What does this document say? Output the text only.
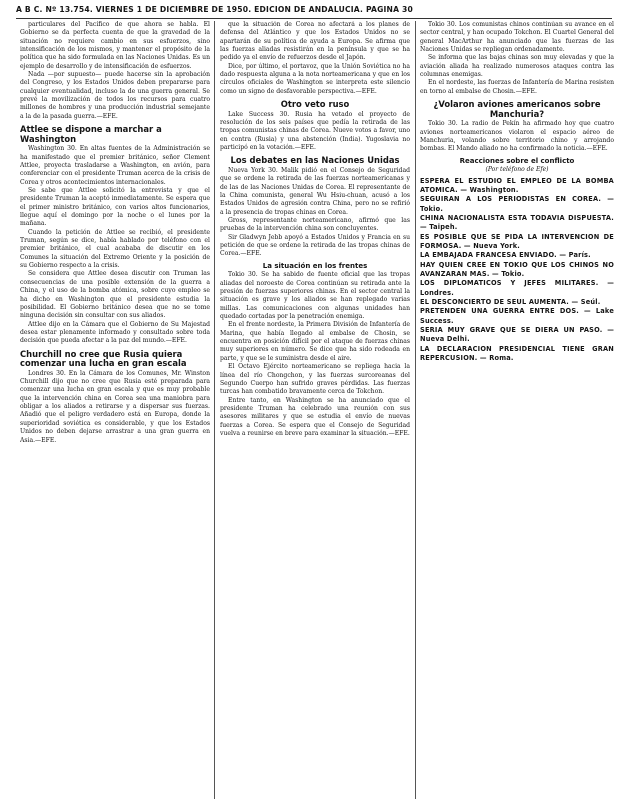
A B C. Nº 13.754. VIERNES 1 DE DICIEMBRE DE 1950. EDICION DE ANDALUCIA. PAGINA 30

particulares del Pacífico de que ahora se habla. El Gobierno se da perfecta cuenta de que la gravedad de la situación no requiere cambio en sus esfuerzos, sino intensificación de los mismos, y mantener el propósito de la política que ha sido formulada en las Naciones Unidas. Es un ejemplo de desarrollo y de intensificación de esfuerzos.

Nada —por supuesto— puede hacerse sin la aprobación del Congreso, y los Estados Unidos deben prepararse para cualquier eventualidad, incluso la de una guerra general. Se prevé la movilización de todos los recursos para cuatro millones de hombres y una producción industrial semejante a la de la pasada guerra.—EFE.

Attlee se dispone a marchar a Washington

Washington 30. En altas fuentes de la Administración se ha manifestado que el premier británico, señor Clement Attlee, proyecta trasladarse a Washington, en avión, para conferenciar con el presidente Truman acerca de la crisis de Corea y otros acontecimientos internacionales.

Se sabe que Attlee solicitó la entrevista y que el presidente Truman la aceptó inmediatamente. Se espera que el primer ministro británico, con varios altos funcionarios, llegue aquí el domingo por la noche o el lunes por la mañana.

Cuando la petición de Attlee se recibió, el presidente Truman, según se dice, había hablado por teléfono con el premier británico, el cual acababa de discutir en los Comunes la situación del Extremo Oriente y la posición de su Gobierno respecto a la crisis.

Se considera que Attlee desea discutir con Truman las consecuencias de una posible extensión de la guerra a China, y el uso de la bomba atómica, sobre cuyo empleo se ha dicho en Washington que el presidente estudia la posibilidad. El Gobierno británico desea que no se tome ninguna decisión sin consultar con sus aliados.

Attlee dijo en la Cámara que el Gobierno de Su Majestad desea estar plenamente informado y consultado sobre toda decisión que pueda afectar a la paz del mundo.—EFE.

Churchill no cree que Rusia quiera comenzar una lucha en gran escala

Londres 30. En la Cámara de los Comunes, Mr. Winston Churchill dijo que no cree que Rusia esté preparada para comenzar una lucha en gran escala y que es muy probable que la intervención china en Corea sea una maniobra para obligar a los aliados a retirarse y a dispersar sus fuerzas. Añadió que el peligro verdadero está en Europa, donde la superioridad soviética es considerable, y que los Estados Unidos no deben dejarse arrastrar a una gran guerra en Asia.—EFE.

que la situación de Corea no afectará a los planes de defensa del Atlántico y que los Estados Unidos no se apartarán de su política de ayuda a Europa. Se afirma que las fuerzas aliadas resistirán en la península y que se ha pedido ya el envío de refuerzos desde el Japón.

Dice, por último, el portavoz, que la Unión Soviética no ha dado respuesta alguna a la nota norteamericana y que en los círculos oficiales de Washington se interpreta este silencio como un signo de desfavorable perspectiva.—EFE.

Otro veto ruso

Lake Success 30. Rusia ha vetado el proyecto de resolución de los seis países que pedía la retirada de las tropas comunistas chinas de Corea. Nueve votos a favor, uno en contra (Rusia) y una abstención (India). Yugoslavia no participó en la votación.—EFE.

Los debates en las Naciones Unidas

Nueva York 30. Malik pidió en el Consejo de Seguridad que se ordene la retirada de las fuerzas norteamericanas y de las de las Naciones Unidas de Corea. El representante de la China comunista, general Wu Hsiu-chuan, acusó a los Estados Unidos de agresión contra China, pero no se refirió a la presencia de tropas chinas en Corea.

Gross, representante norteamericano, afirmó que las pruebas de la intervención china son concluyentes.

Sir Gladwyn Jebb apoyó a Estados Unidos y Francia en su petición de que se ordene la retirada de las tropas chinas de Corea.—EFE.

La situación en los frentes

Tokio 30. Se ha sabido de fuente oficial que las tropas aliadas del noroeste de Corea continúan su retirada ante la presión de fuerzas superiores chinas. En el sector central la situación es grave y los aliados se han replegado varias millas. Las comunicaciones con algunas unidades han quedado cortadas por la penetración enemiga.

En el frente nordeste, la Primera División de Infantería de Marina, que había llegado al embalse de Chosin, se encuentra en posición difícil por el ataque de fuerzas chinas muy superiores en número. Se dice que ha sido rodeada en parte, y que se le suministra desde el aire.

El Octavo Ejército norteamericano se repliega hacia la línea del río Chongchon, y las fuerzas surcoreanas del Segundo Cuerpo han sufrido graves pérdidas. Las fuerzas turcas han combatido bravamente cerca de Tokchon.

Entre tanto, en Washington se ha anunciado que el presidente Truman ha celebrado una reunión con sus asesores militares y que se estudia el envío de nuevas fuerzas a Corea. Se espera que el Consejo de Seguridad vuelva a reunirse en breve para examinar la situación.—EFE.

Tokio 30. Los comunistas chinos continúan su avance en el sector central, y han ocupado Tokchon. El Cuartel General del general MacArthur ha anunciado que las fuerzas de las Naciones Unidas se repliegan ordenadamente.

Se informa que las bajas chinas son muy elevadas y que la aviación aliada ha realizado numerosos ataques contra las columnas enemigas.

En el nordeste, las fuerzas de Infantería de Marina resisten en torno al embalse de Chosin.—EFE.

¿Volaron aviones americanos sobre Manchuria?

Tokio 30. La radio de Pekín ha afirmado hoy que cuatro aviones norteamericanos violaron el espacio aéreo de Manchuria, volando sobre territorio chino y arrojando bombas. El Mando aliado no ha confirmado la noticia.—EFE.

Reacciones sobre el conflicto
(Por teléfono de Efe)

ESPERA EL ESTUDIO EL EMPLEO DE LA BOMBA ATOMICA. — Washington.

SEGUIRAN A LOS PERIODISTAS EN COREA. — Tokio.

CHINA NACIONALISTA ESTA TODAVIA DISPUESTA. — Taipeh.

ES POSIBLE QUE SE PIDA LA INTERVENCION DE FORMOSA. — Nueva York.

LA EMBAJADA FRANCESA ENVIADO. — París.

HAY QUIEN CREE EN TOKIO QUE LOS CHINOS NO AVANZARAN MAS. — Tokio.

LOS DIPLOMATICOS Y JEFES MILITARES. — Londres.

EL DESCONCIERTO DE SEUL AUMENTA. — Seúl.

PRETENDEN UNA GUERRA ENTRE DOS. — Lake Success.

SERIA MUY GRAVE QUE SE DIERA UN PASO. — Nueva Delhi.

LA DECLARACION PRESIDENCIAL TIENE GRAN REPERCUSION. — Roma.
